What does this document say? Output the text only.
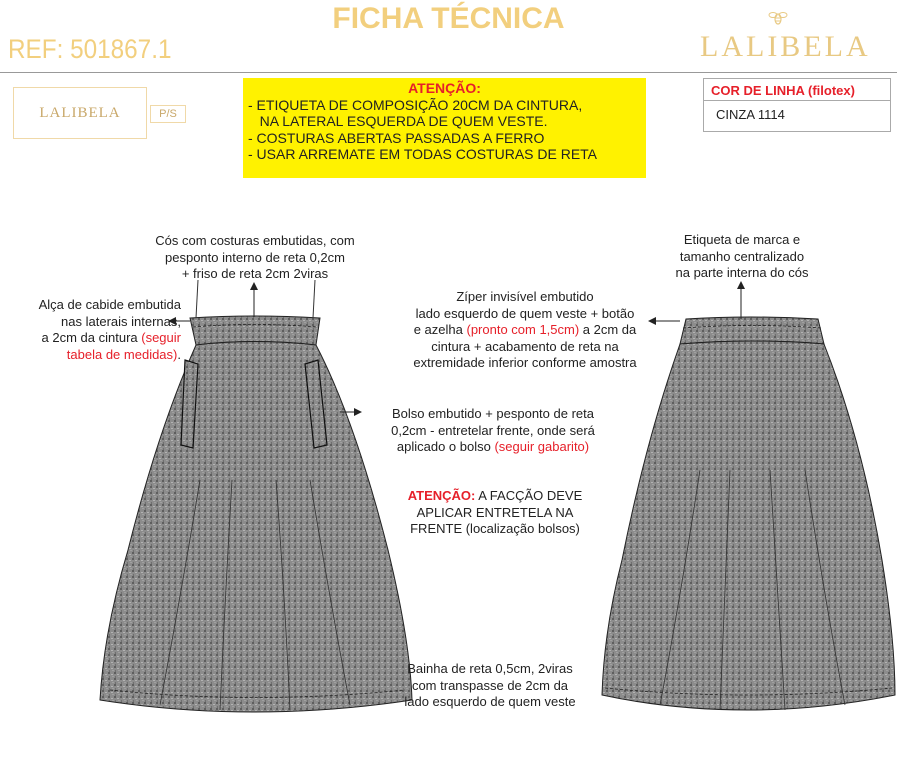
FICHA TÉCNICA
REF: 501867.1	LALIBELA
LALIBELA	P/S
ATENÇÃO:
- ETIQUETA DE COMPOSIÇÃO 20CM DA CINTURA,
NA LATERAL ESQUERDA DE QUEM VESTE.
- COSTURAS ABERTAS PASSADAS A FERRO
- USAR ARREMATE EM TODAS COSTURAS DE RETA
COR DE LINHA (filotex)
CINZA 1114
Cós com costuras embutidas, com
pesponto interno de reta 0,2cm
+ friso de reta 2cm 2viras
Alça de cabide embutida
nas laterais internas,
a 2cm da cintura (seguir
tabela de medidas).
Zíper invisível embutido
lado esquerdo de quem veste + botão
e azelha (pronto com 1,5cm) a 2cm da
cintura + acabamento de reta na
extremidade inferior conforme amostra
Bolso embutido + pesponto de reta
0,2cm - entretelar frente, onde será
aplicado o bolso (seguir gabarito)
ATENÇÃO: A FACÇÃO DEVE
APLICAR ENTRETELA NA
FRENTE (localização bolsos)
Bainha de reta 0,5cm, 2viras
com transpasse de 2cm da
lado esquerdo de quem veste
Etiqueta de marca e
tamanho centralizado
na parte interna do cós
